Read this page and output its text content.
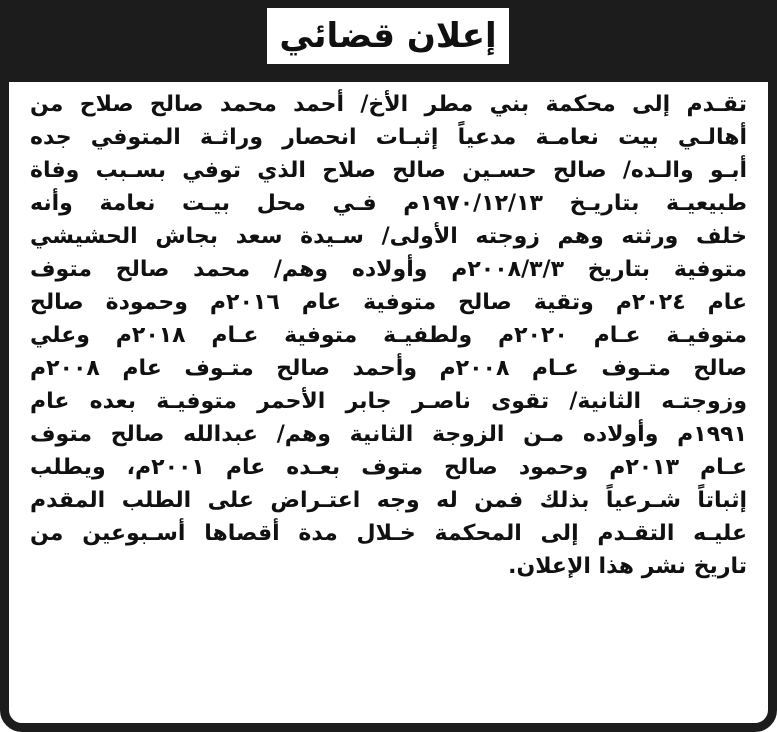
إعلان قضائي
تقـدم إلى محكمة بني مطر الأخ/ أحمد محمد صالح صلاح من
أهالـي بيت نعامـة مدعياً إثبـات انحصار وراثـة المتوفي جده
أبـو والـده/ صالح حسـين صالح صلاح الذي توفي بسـبب وفاة
طبيعيـة بتاريـخ ١٩٧٠/١٢/١٣م فـي محل بيـت نعامة وأنه
خلف ورثته وهم زوجته الأولى/ سـيدة سعد بجاش الحشيشي
متوفية بتاريخ ٢٠٠٨/٣/٣م وأولاده وهم/ محمد صالح متوف
عام ٢٠٢٤م وتقية صالح متوفية عام ٢٠١٦م وحمودة صالح
متوفيـة عـام ٢٠٢٠م ولطفيـة متوفية عـام ٢٠١٨م وعلي
صالح متـوف عـام ٢٠٠٨م وأحمد صالح متـوف عام ٢٠٠٨م
وزوجتـه الثانية/ تقوى ناصـر جابر الأحمر متوفيـة بعده عام
١٩٩١م وأولاده مـن الزوجة الثانية وهم/ عبدالله صالح متوف
عـام ٢٠١٣م وحمود صالح متوف بعـده عام ٢٠٠١م، ويطلب
إثباتاً شـرعياً بذلك فمن له وجه اعتـراض على الطلب المقدم
عليـه التقـدم إلى المحكمة خـلال مدة أقصاها أسـبوعين من
تاريخ نشر هذا الإعلان.
